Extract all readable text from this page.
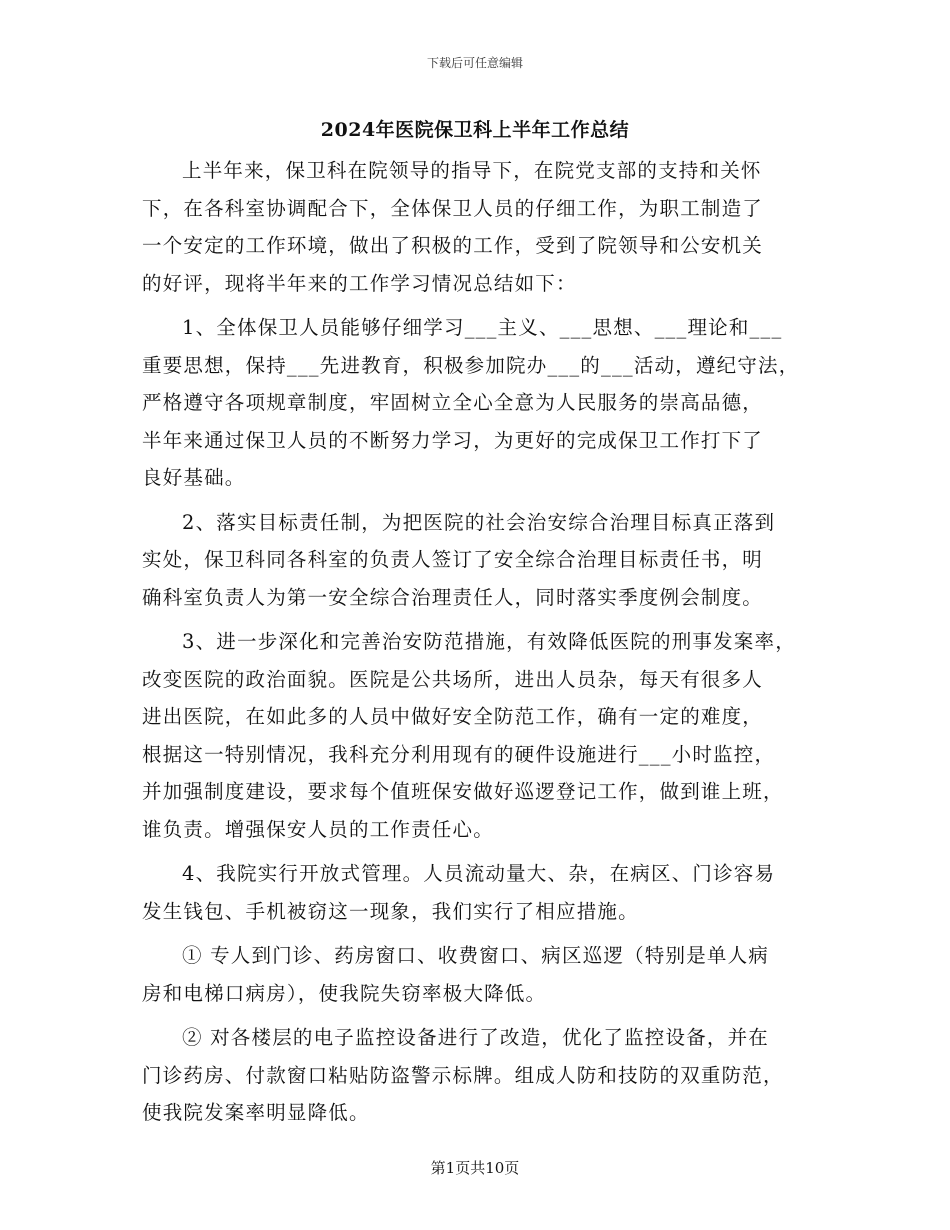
下载后可任意编辑
2024年医院保卫科上半年工作总结
上半年来，保卫科在院领导的指导下，在院党支部的支持和关怀
下，在各科室协调配合下，全体保卫人员的仔细工作，为职工制造了
一个安定的工作环境，做出了积极的工作，受到了院领导和公安机关
的好评，现将半年来的工作学习情况总结如下：
1、全体保卫人员能够仔细学习___主义、___思想、___理论和___
重要思想，保持___先进教育，积极参加院办___的___活动，遵纪守法，
严格遵守各项规章制度，牢固树立全心全意为人民服务的崇高品德，
半年来通过保卫人员的不断努力学习，为更好的完成保卫工作打下了
良好基础。
2、落实目标责任制，为把医院的社会治安综合治理目标真正落到
实处，保卫科同各科室的负责人签订了安全综合治理目标责任书，明
确科室负责人为第一安全综合治理责任人，同时落实季度例会制度。
3、进一步深化和完善治安防范措施，有效降低医院的刑事发案率，
改变医院的政治面貌。医院是公共场所，进出人员杂，每天有很多人
进出医院，在如此多的人员中做好安全防范工作，确有一定的难度，
根据这一特别情况，我科充分利用现有的硬件设施进行___小时监控，
并加强制度建设，要求每个值班保安做好巡逻登记工作，做到谁上班，
谁负责。增强保安人员的工作责任心。
4、我院实行开放式管理。人员流动量大、杂，在病区、门诊容易
发生钱包、手机被窃这一现象，我们实行了相应措施。
① 专人到门诊、药房窗口、收费窗口、病区巡逻（特别是单人病
房和电梯口病房），使我院失窃率极大降低。
② 对各楼层的电子监控设备进行了改造，优化了监控设备，并在
门诊药房、付款窗口粘贴防盗警示标牌。组成人防和技防的双重防范，
使我院发案率明显降低。
第1页共10页
